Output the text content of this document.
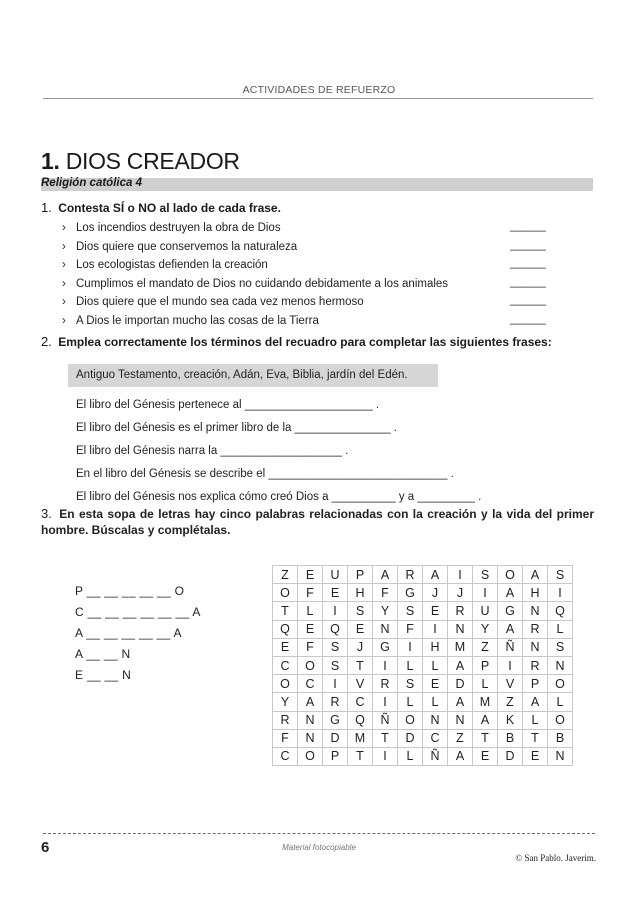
ACTIVIDADES DE REFUERZO
1. DIOS CREADOR
Religión católica 4
1. Contesta SÍ o NO al lado de cada frase.
› Los incendios destruyen la obra de Dios	______
› Dios quiere que conservemos la naturaleza	______
› Los ecologistas defienden la creación	______
› Cumplimos el mandato de Dios no cuidando debidamente a los animales	______
› Dios quiere que el mundo sea cada vez menos hermoso	______
› A Dios le importan mucho las cosas de la Tierra	______
2. Emplea correctamente los términos del recuadro para completar las siguientes frases:
Antiguo Testamento, creación, Adán, Eva, Biblia, jardín del Edén.
El libro del Génesis pertenece al ____________________ .
El libro del Génesis es el primer libro de la _______________ .
El libro del Génesis narra la ___________________ .
En el libro del Génesis se describe el ____________________________ .
El libro del Génesis nos explica cómo creó Dios a __________ y a _________ .
3. En esta sopa de letras hay cinco palabras relacionadas con la creación y la vida del primer hombre. Búscalas y complétalas.
P __ __ __ __ __ O
C __ __ __ __ __ __ A
A __ __ __ __ __ A
A __ __ N
E __ __ N
Z	E	U	P	A	R	A	I	S	O	A	S
O	F	E	H	F	G	J	J	I	A	H	I
T	L	I	S	Y	S	E	R	U	G	N	Q
Q	E	Q	E	N	F	I	N	Y	A	R	L
E	F	S	J	G	I	H	M	Z	Ñ	N	S
C	O	S	T	I	L	L	A	P	I	R	N
O	C	I	V	R	S	E	D	L	V	P	O
Y	A	R	C	I	L	L	A	M	Z	A	L
R	N	G	Q	Ñ	O	N	N	A	K	L	O
F	N	D	M	T	D	C	Z	T	B	T	B
C	O	P	T	I	L	Ñ	A	E	D	E	N
6	Material fotocopiable
© San Pablo. Javerim.
